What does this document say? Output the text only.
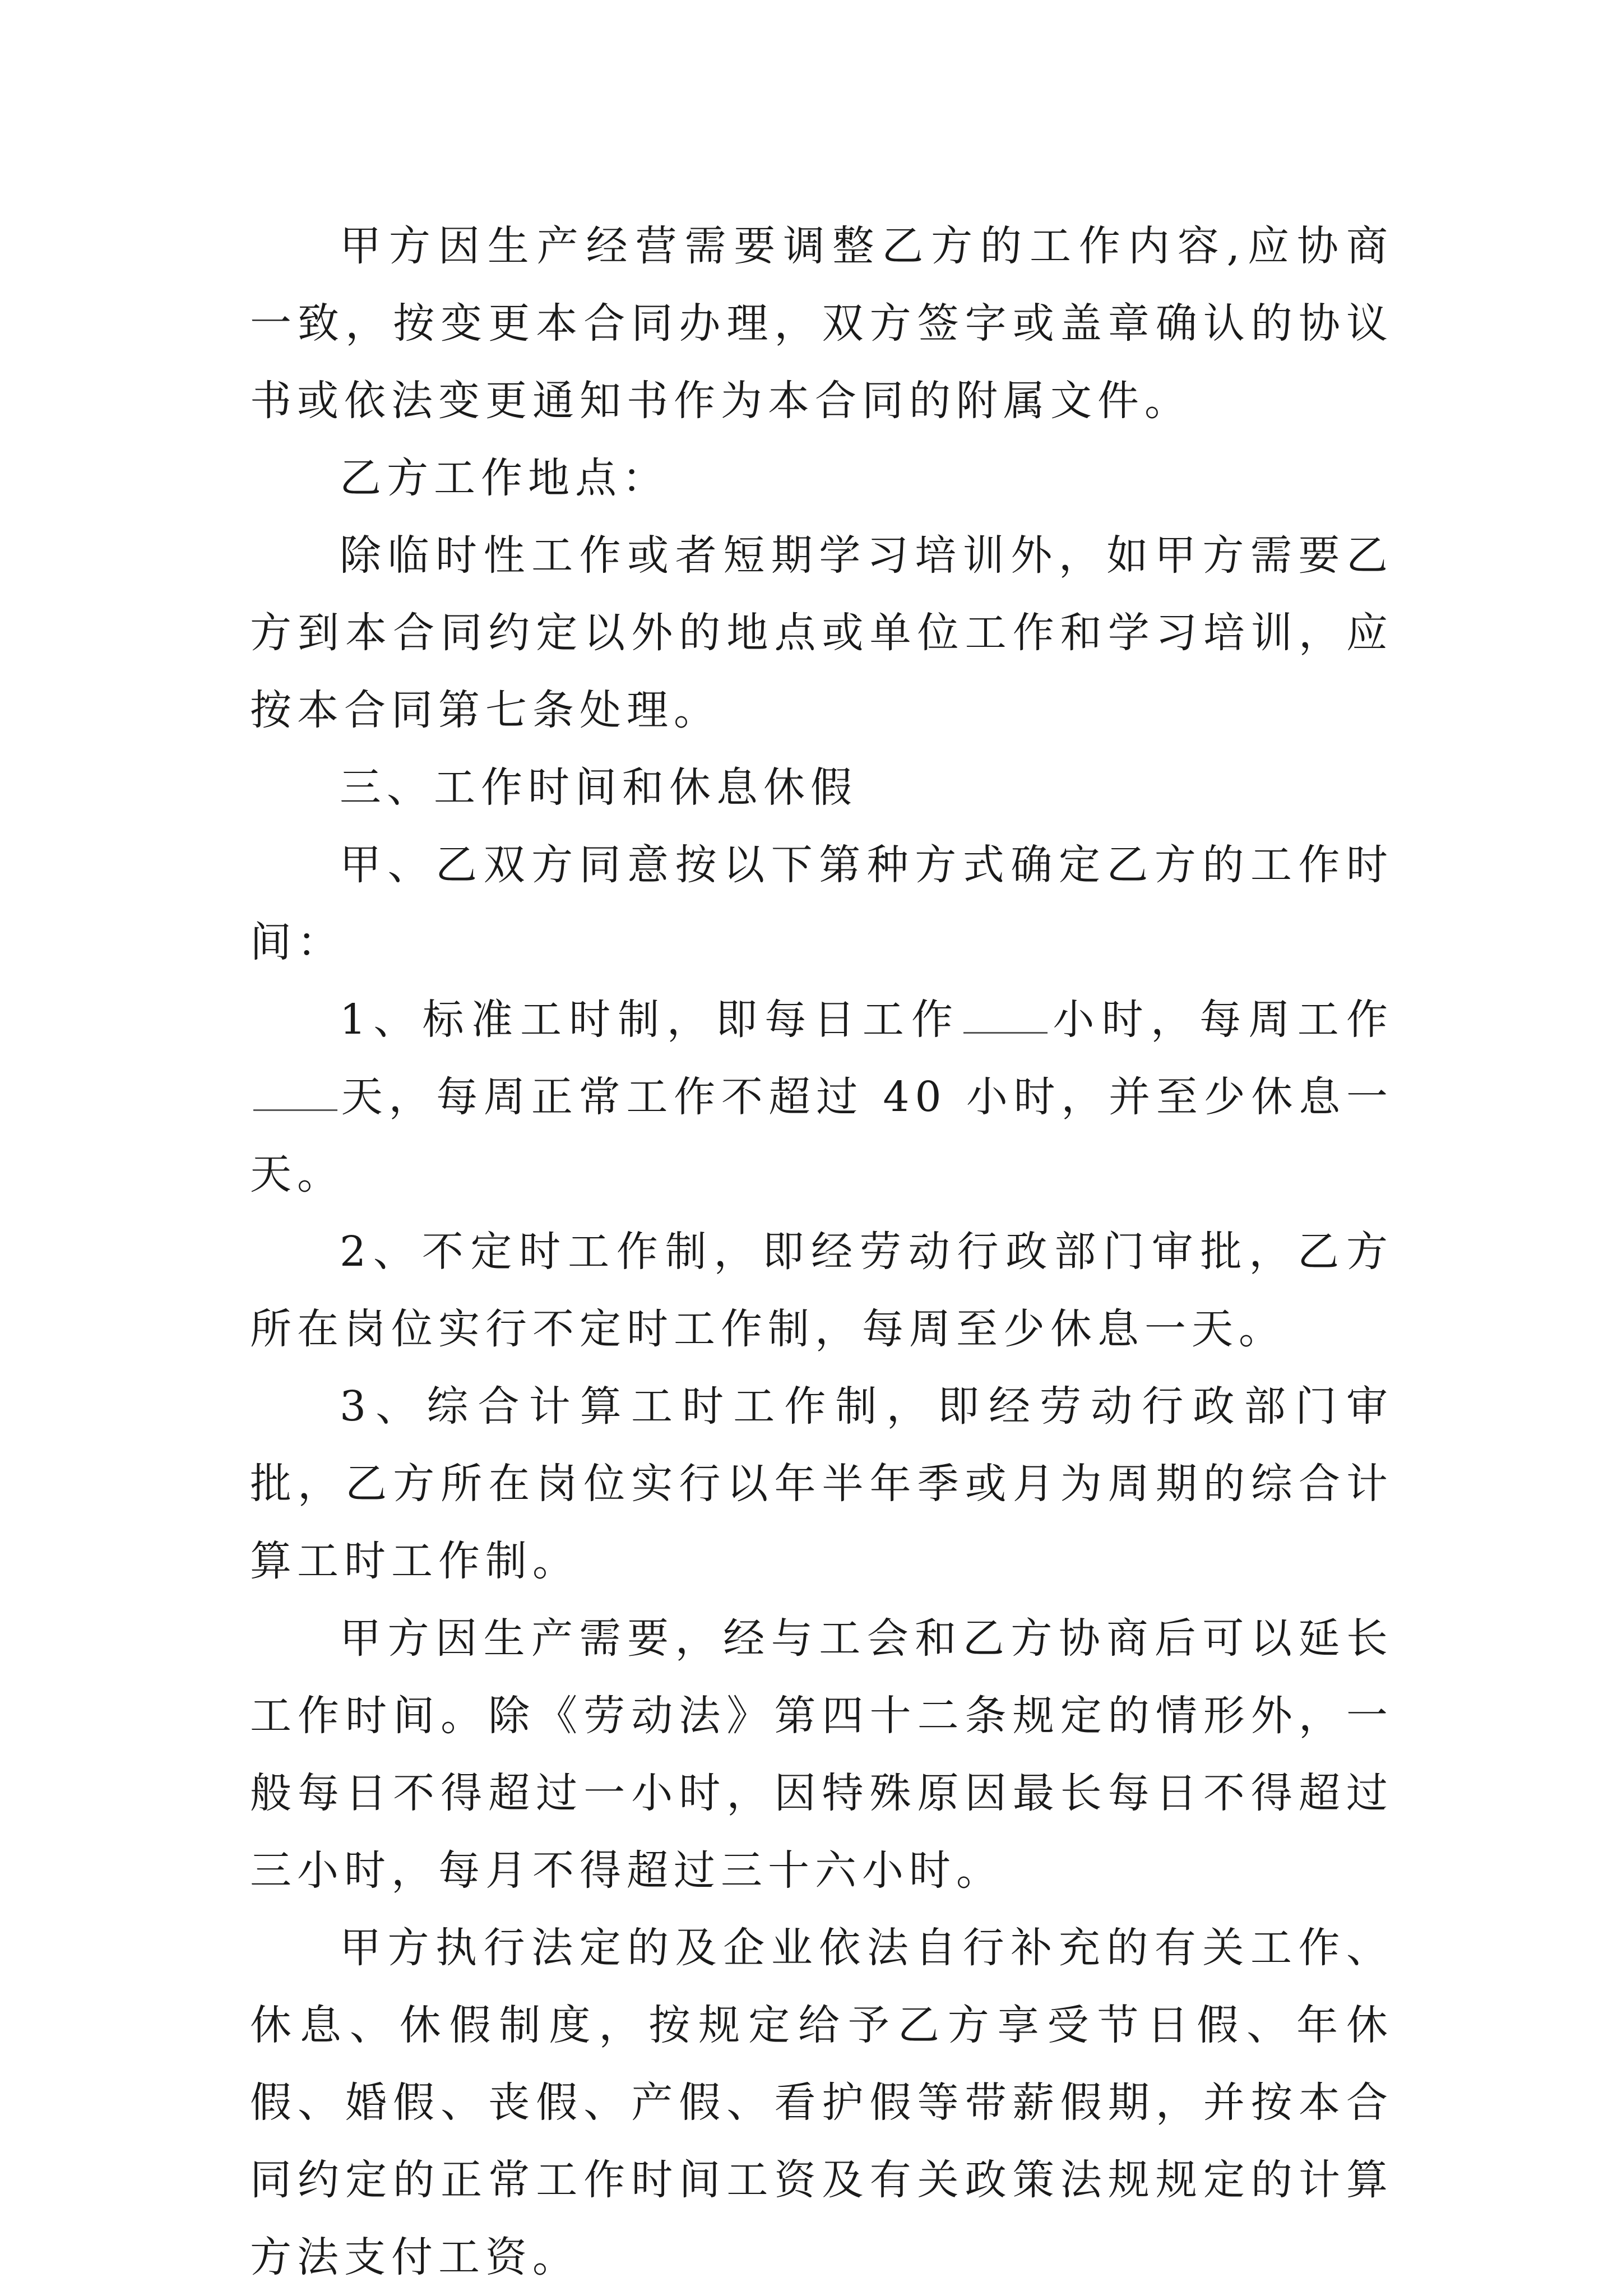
甲方因生产经营需要调整乙方的工作内容,应协商一致，按变更本合同办理，双方签字或盖章确认的协议书或依法变更通知书作为本合同的附属文件。

乙方工作地点：

除临时性工作或者短期学习培训外，如甲方需要乙方到本合同约定以外的地点或单位工作和学习培训，应按本合同第七条处理。

三、工作时间和休息休假

甲、乙双方同意按以下第种方式确定乙方的工作时间：

1、标准工时制，即每日工作 小时，每周工作天，每周正常工作不超过 40 小时，并至少休息一天。

2、不定时工作制，即经劳动行政部门审批，乙方所在岗位实行不定时工作制，每周至少休息一天。

3、综合计算工时工作制，即经劳动行政部门审批，乙方所在岗位实行以年半年季或月为周期的综合计算工时工作制。

甲方因生产需要，经与工会和乙方协商后可以延长工作时间。除《劳动法》第四十二条规定的情形外，一般每日不得超过一小时，因特殊原因最长每日不得超过三小时，每月不得超过三十六小时。

甲方执行法定的及企业依法自行补充的有关工作、休息、休假制度，按规定给予乙方享受节日假、年休假、婚假、丧假、产假、看护假等带薪假期，并按本合同约定的正常工作时间工资及有关政策法规规定的计算方法支付工资。
